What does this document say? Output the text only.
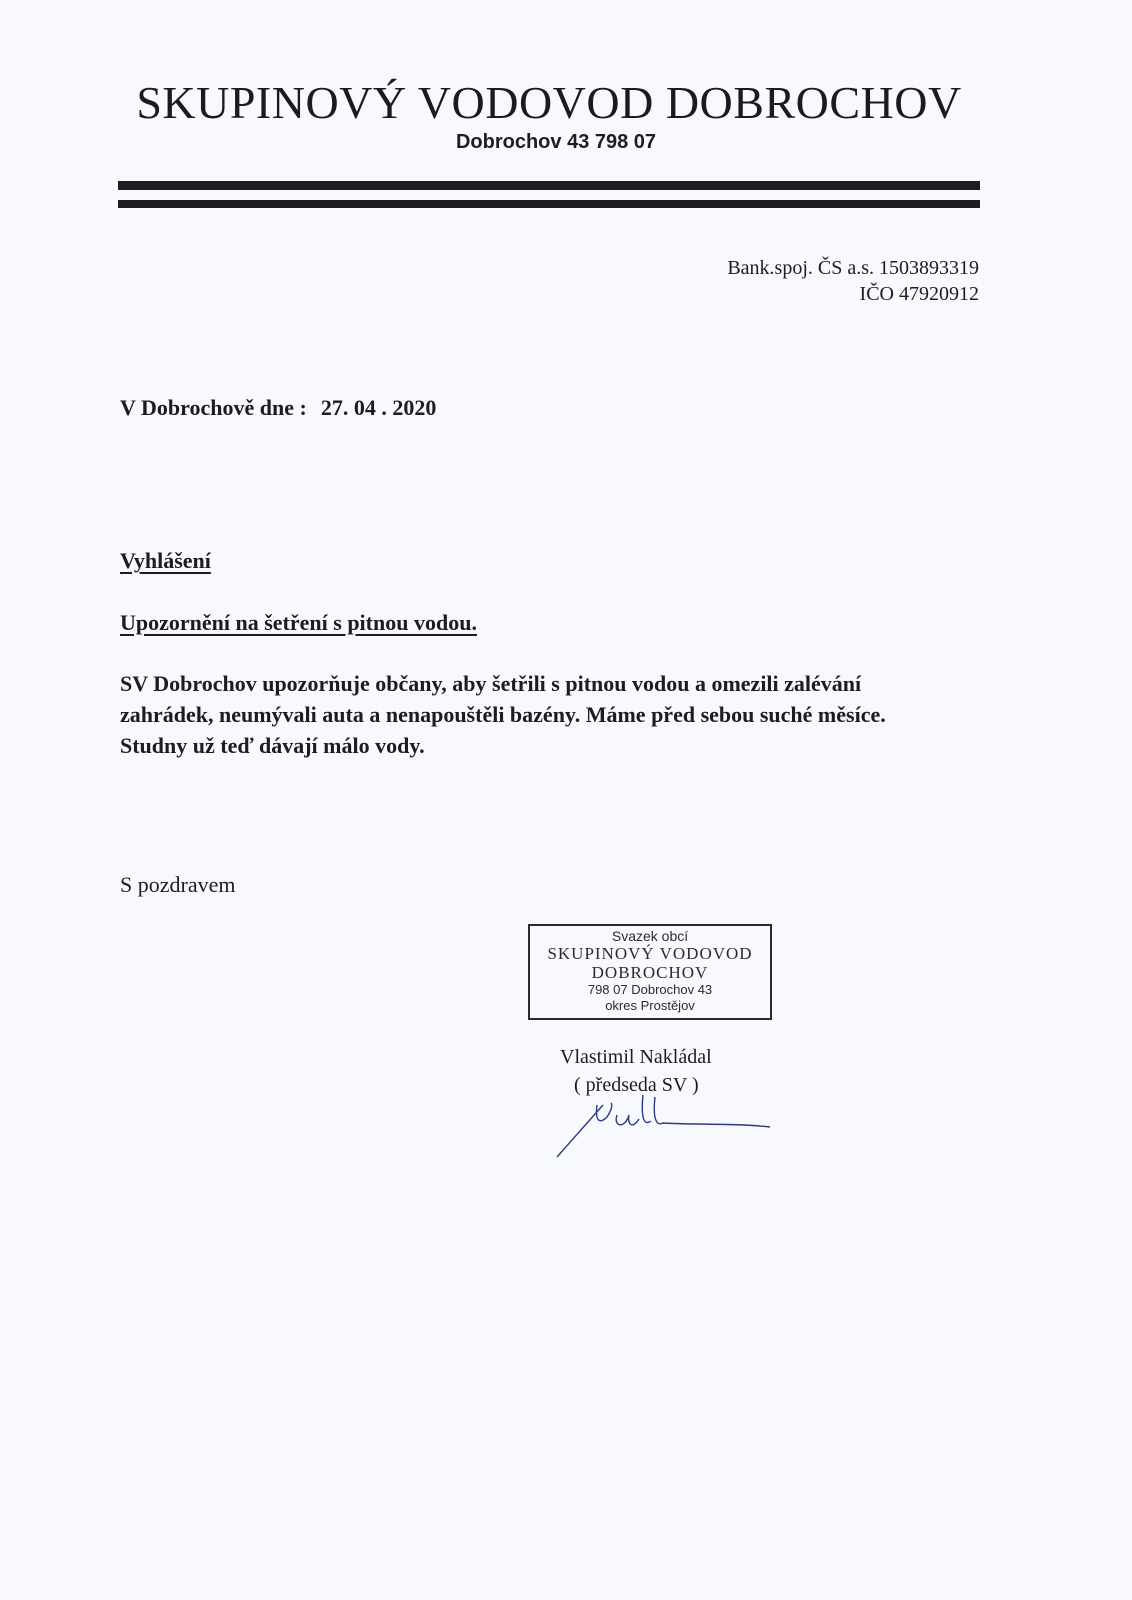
SKUPINOVÝ VODOVOD DOBROCHOV
Dobrochov 43 798 07
Bank.spoj. ČS a.s. 1503893319
IČO 47920912
V Dobrochově dne : 27. 04 . 2020
Vyhlášení
Upozornění na šetření s pitnou vodou.
SV Dobrochov upozorňuje občany, aby šetřili s pitnou vodou a omezili zalévání zahrádek, neumývali auta a nenapouštěli bazény. Máme před sebou suché měsíce. Studny už teď dávají málo vody.
S pozdravem
Svazek obcí
SKUPINOVÝ VODOVOD
DOBROCHOV
798 07 Dobrochov 43
okres Prostějov
Vlastimil Nakládal
( předseda SV )
